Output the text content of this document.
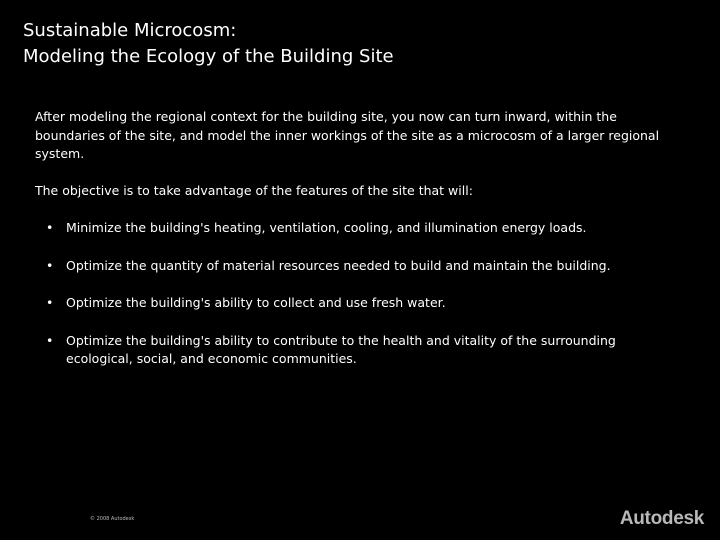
Sustainable Microcosm:
Modeling the Ecology of the Building Site

After modeling the regional context for the building site, you now can turn inward, within the boundaries of the site, and model the inner workings of the site as a microcosm of a larger regional system.

The objective is to take advantage of the features of the site that will:

• Minimize the building's heating, ventilation, cooling, and illumination energy loads.
• Optimize the quantity of material resources needed to build and maintain the building.
• Optimize the building's ability to collect and use fresh water.
• Optimize the building's ability to contribute to the health and vitality of the surrounding ecological, social, and economic communities.
© 2008 Autodesk	Autodesk
